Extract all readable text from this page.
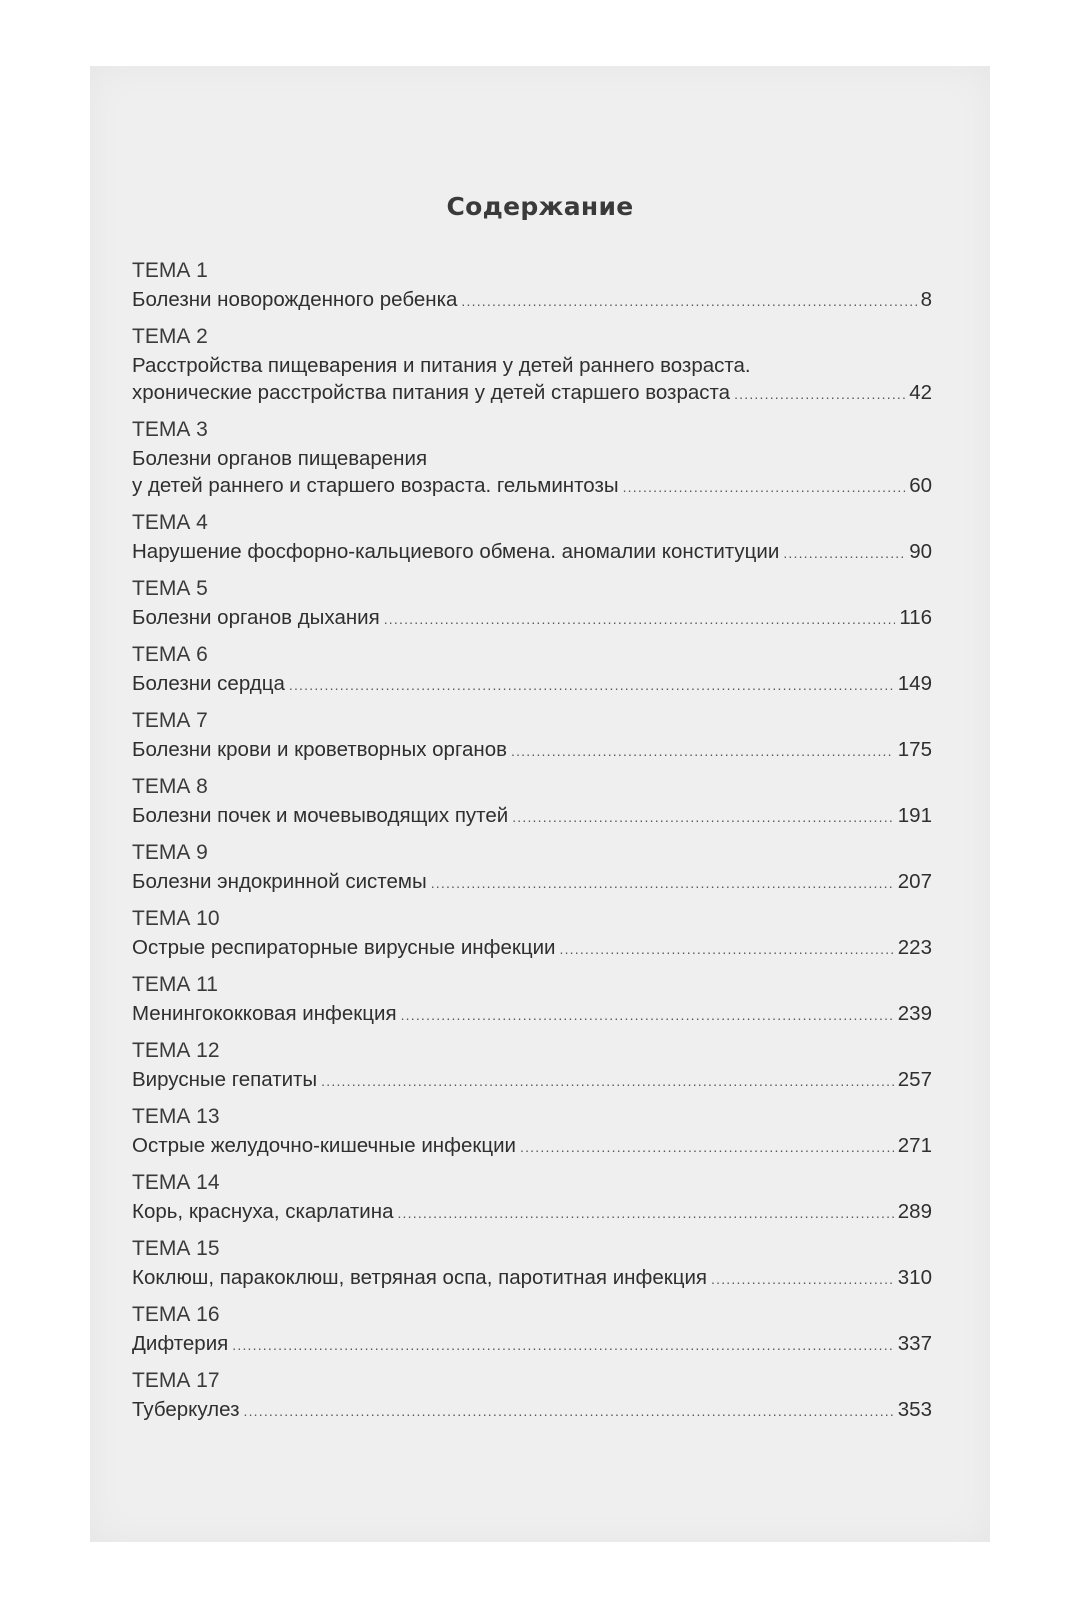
Содержание
ТЕМА 1
Болезни новорожденного ребенка .....	8
ТЕМА 2
Расстройства пищеварения и питания у детей раннего возраста.
хронические расстройства питания у детей старшего возраста .....	42
ТЕМА 3
Болезни органов пищеварения
у детей раннего и старшего возраста. гельминтозы .....	60
ТЕМА 4
Нарушение фосфорно-кальциевого обмена. аномалии конституции .....	90
ТЕМА 5
Болезни органов дыхания .....	116
ТЕМА 6
Болезни сердца .....	149
ТЕМА 7
Болезни крови и кроветворных органов .....	175
ТЕМА 8
Болезни почек и мочевыводящих путей .....	191
ТЕМА 9
Болезни эндокринной системы .....	207
ТЕМА 10
Острые респираторные вирусные инфекции .....	223
ТЕМА 11
Менингококковая инфекция .....	239
ТЕМА 12
Вирусные гепатиты .....	257
ТЕМА 13
Острые желудочно-кишечные инфекции .....	271
ТЕМА 14
Корь, краснуха, скарлатина .....	289
ТЕМА 15
Коклюш, паракоклюш, ветряная оспа, паротитная инфекция .....	310
ТЕМА 16
Дифтерия .....	337
ТЕМА 17
Туберкулез .....	353
